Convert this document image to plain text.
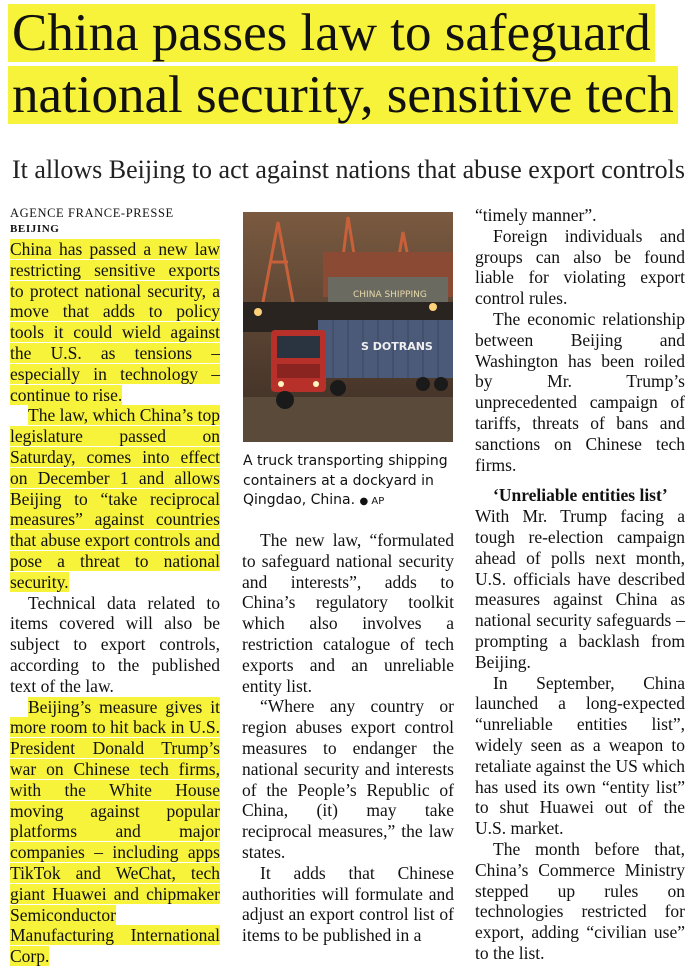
China passes law to safeguard
national security, sensitive tech
It allows Beijing to act against nations that abuse export controls
AGENCE FRANCE-PRESSE
BEIJING

China has passed a new law restricting sensitive exports to protect national security, a move that adds to policy tools it could wield against the U.S. as tensions – especially in technology – continue to rise.

The law, which China’s top legislature passed on Saturday, comes into effect on December 1 and allows Beijing to “take reciprocal measures” against countries that abuse export controls and pose a threat to national security.

Technical data related to items covered will also be subject to export controls, according to the published text of the law.

Beijing’s measure gives it more room to hit back in U.S. President Donald Trump’s war on Chinese tech firms, with the White House moving against popular platforms and major companies – including apps TikTok and WeChat, tech giant Huawei and chipmaker Semiconductor Manufacturing International Corp.

CHINA SHIPPING
S DOTRANS
A truck transporting shipping containers at a dockyard in Qingdao, China. ● AP

The new law, “formulated to safeguard national security and interests”, adds to China’s regulatory toolkit which also involves a restriction catalogue of tech exports and an unreliable entity list.

“Where any country or region abuses export control measures to endanger the national security and interests of the People’s Republic of China, (it) may take reciprocal measures,” the law states.

It adds that Chinese authorities will formulate and adjust an export control list of items to be published in a

“timely manner”.

Foreign individuals and groups can also be found liable for violating export control rules.

The economic relationship between Beijing and Washington has been roiled by Mr. Trump’s unprecedented campaign of tariffs, threats of bans and sanctions on Chinese tech firms.

‘Unreliable entities list’

With Mr. Trump facing a tough re-election campaign ahead of polls next month, U.S. officials have described measures against China as national security safeguards – prompting a backlash from Beijing.

In September, China launched a long-expected “unreliable entities list”, widely seen as a weapon to retaliate against the US which has used its own “entity list” to shut Huawei out of the U.S. market.

The month before that, China’s Commerce Ministry stepped up rules on technologies restricted for export, adding “civilian use” to the list.
